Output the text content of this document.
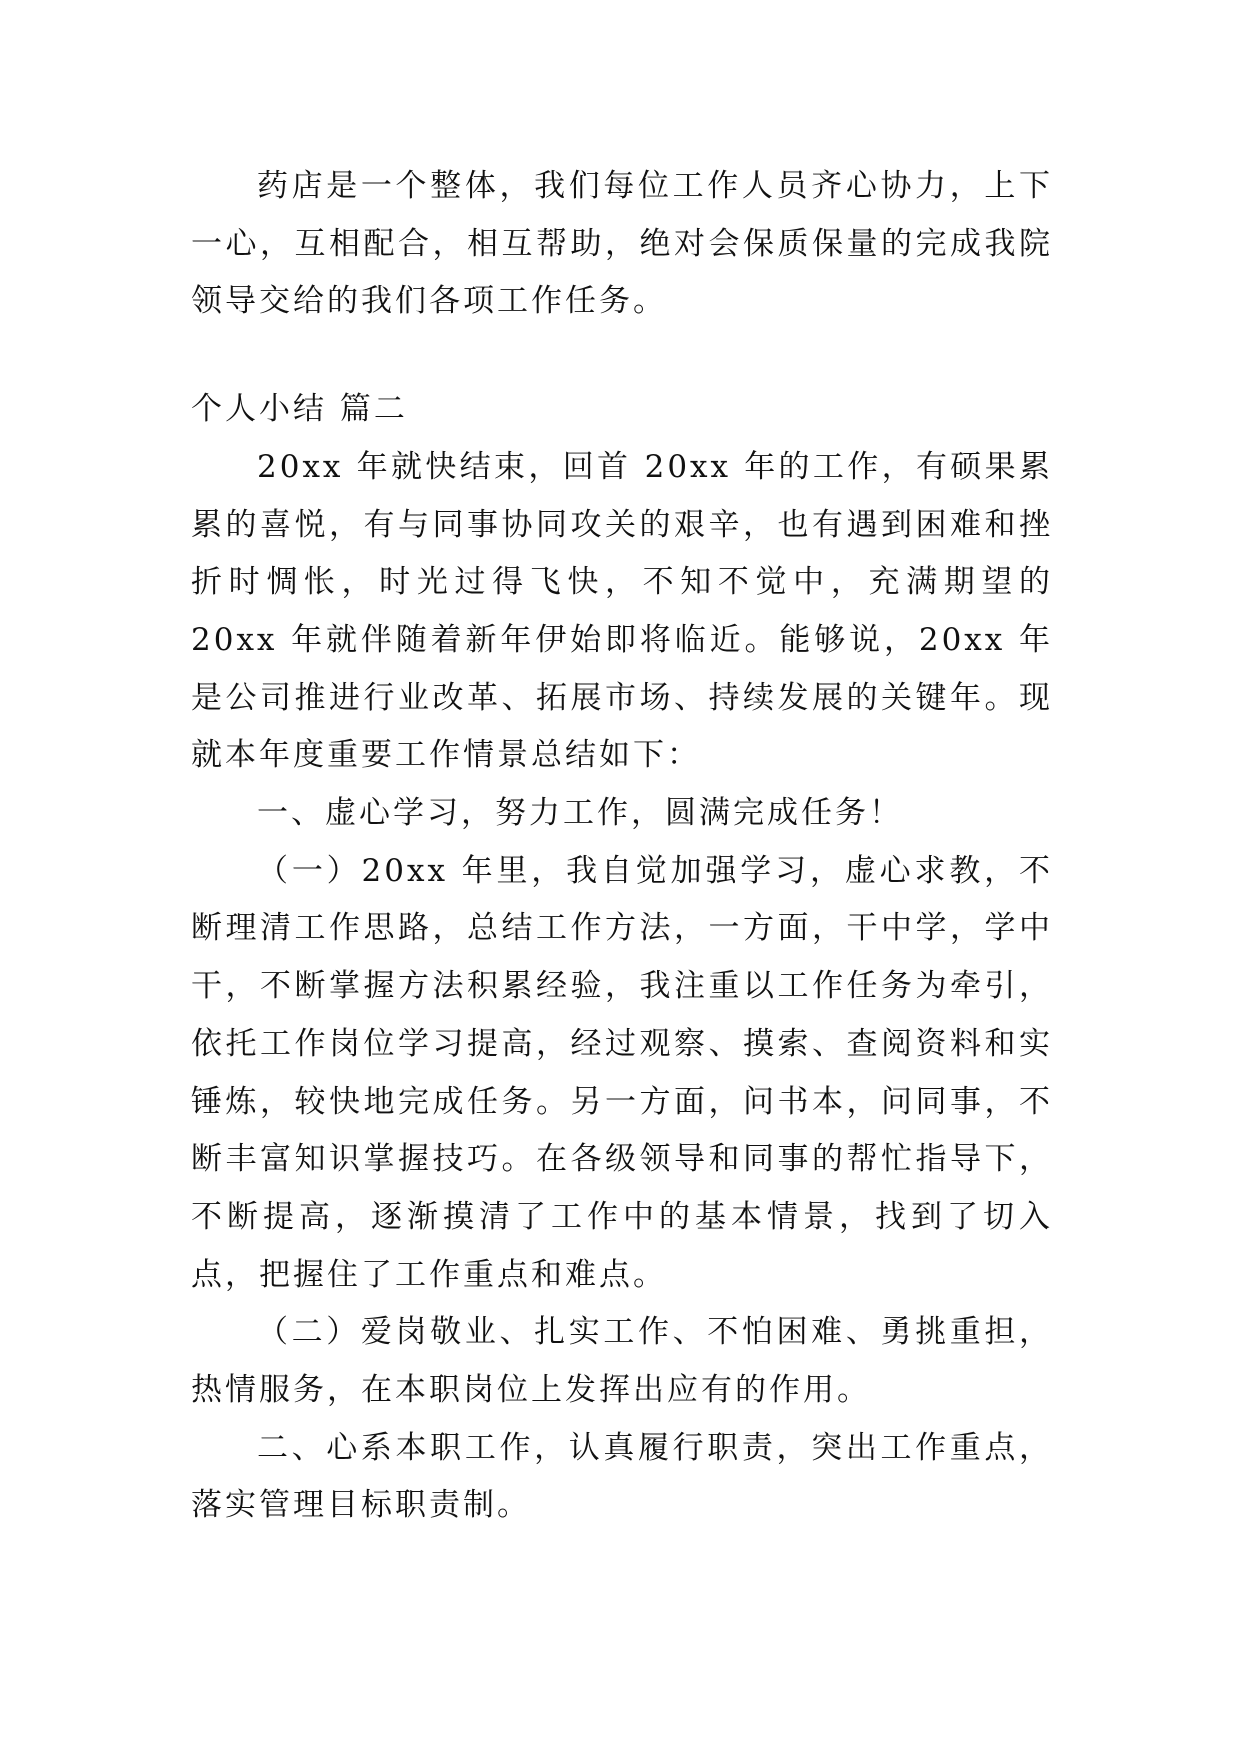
药店是一个整体，我们每位工作人员齐心协力，上下一心，互相配合，相互帮助，绝对会保质保量的完成我院领导交给的我们各项工作任务。

个人小结 篇二

20xx 年就快结束，回首 20xx 年的工作，有硕果累累的喜悦，有与同事协同攻关的艰辛，也有遇到困难和挫折时惆怅，时光过得飞快，不知不觉中，充满期望的 20xx 年就伴随着新年伊始即将临近。能够说，20xx 年是公司推进行业改革、拓展市场、持续发展的关键年。现就本年度重要工作情景总结如下：

一、虚心学习，努力工作，圆满完成任务！

（一）20xx 年里，我自觉加强学习，虚心求教，不断理清工作思路，总结工作方法，一方面，干中学，学中干，不断掌握方法积累经验，我注重以工作任务为牵引，依托工作岗位学习提高，经过观察、摸索、查阅资料和实锤炼，较快地完成任务。另一方面，问书本，问同事，不断丰富知识掌握技巧。在各级领导和同事的帮忙指导下，不断提高，逐渐摸清了工作中的基本情景，找到了切入点，把握住了工作重点和难点。

（二）爱岗敬业、扎实工作、不怕困难、勇挑重担，热情服务，在本职岗位上发挥出应有的作用。

二、心系本职工作，认真履行职责，突出工作重点，落实管理目标职责制。
